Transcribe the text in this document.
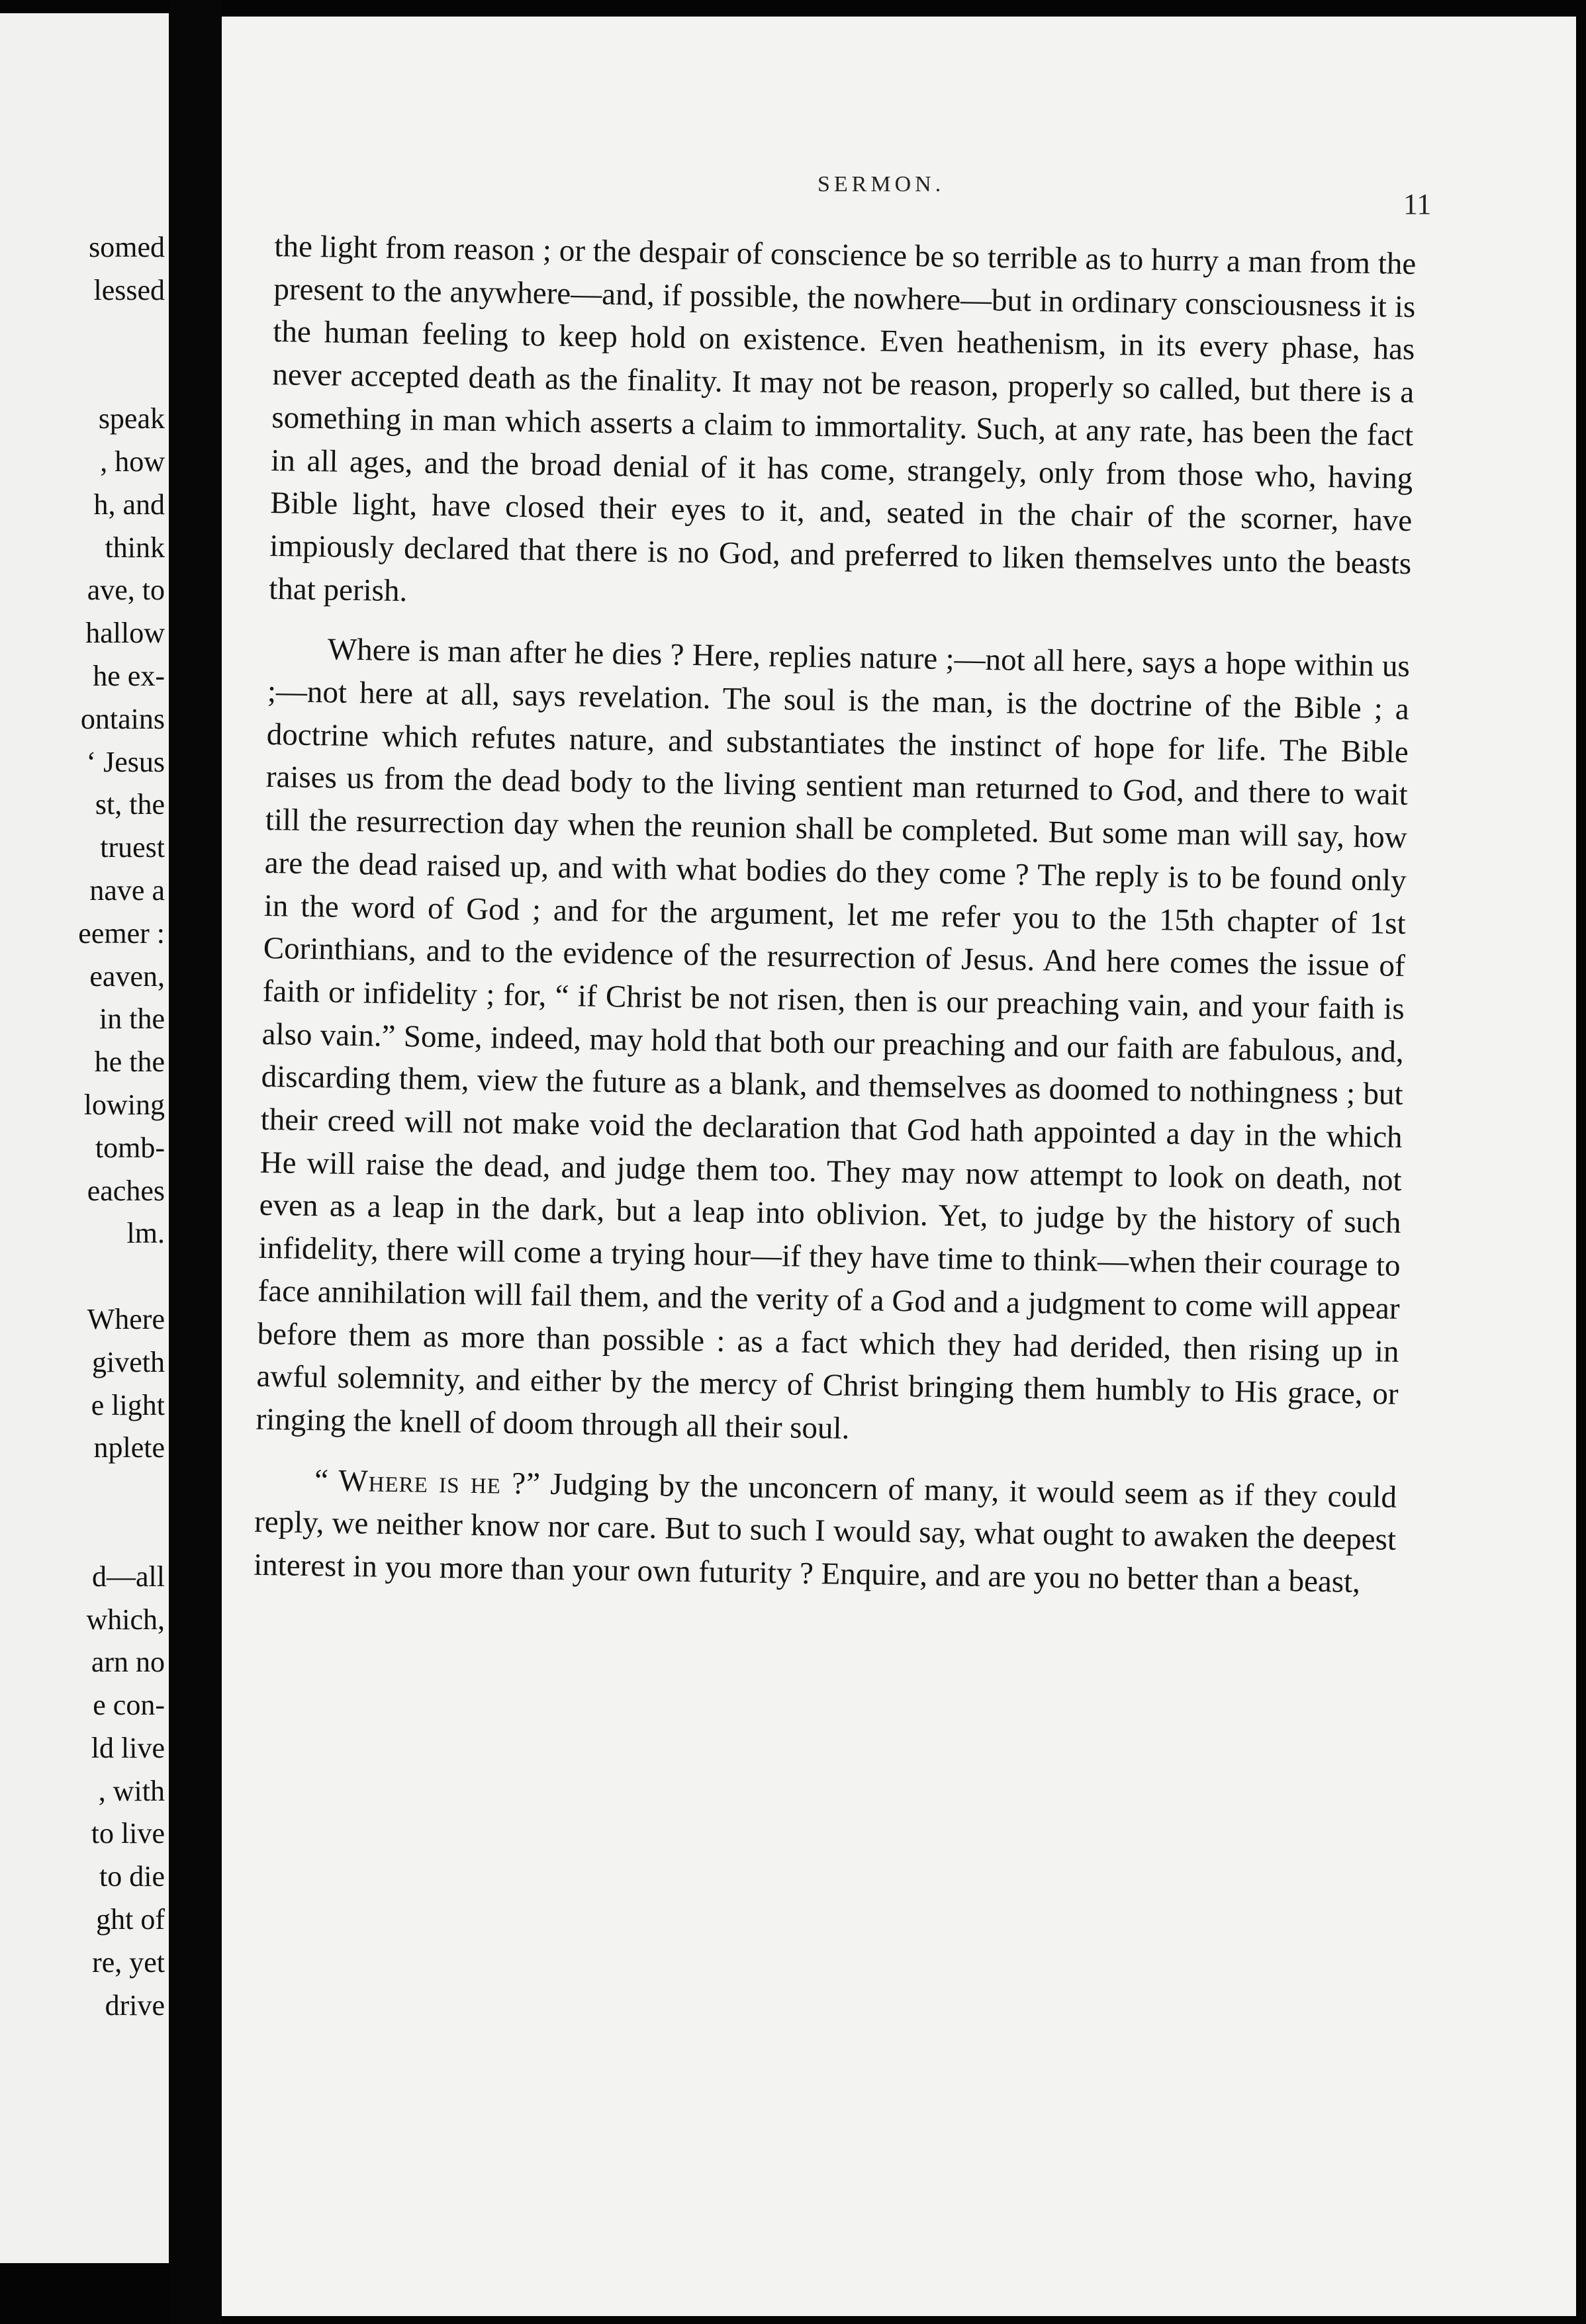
somed
lessed

speak
, how
h, and
think
ave, to
hallow
he ex-
ontains
‘ Jesus
st, the
truest
nave a
eemer :
eaven,
in the
he the
lowing
tomb-
eaches
lm.

Where
giveth
e light
nplete

d—all
which,
arn no
e con-
ld live
, with
to live
to die
ght of
re, yet
drive
SERMON.
11

the light from reason ; or the despair of conscience be so terrible as to hurry a man from the present to the anywhere—and, if possible, the nowhere—but in ordinary consciousness it is the human feeling to keep hold on existence. Even heathenism, in its every phase, has never accepted death as the finality. It may not be reason, properly so called, but there is a something in man which asserts a claim to immortality. Such, at any rate, has been the fact in all ages, and the broad denial of it has come, strangely, only from those who, having Bible light, have closed their eyes to it, and, seated in the chair of the scorner, have impiously declared that there is no God, and preferred to liken themselves unto the beasts that perish.

Where is man after he dies ? Here, replies nature ;—not all here, says a hope within us ;—not here at all, says revelation. The soul is the man, is the doctrine of the Bible ; a doctrine which refutes nature, and substantiates the instinct of hope for life. The Bible raises us from the dead body to the living sentient man returned to God, and there to wait till the resurrection day when the reunion shall be completed. But some man will say, how are the dead raised up, and with what bodies do they come ? The reply is to be found only in the word of God ; and for the argument, let me refer you to the 15th chapter of 1st Corinthians, and to the evidence of the resurrection of Jesus. And here comes the issue of faith or infidelity ; for, “ if Christ be not risen, then is our preaching vain, and your faith is also vain.” Some, indeed, may hold that both our preaching and our faith are fabulous, and, discarding them, view the future as a blank, and themselves as doomed to nothingness ; but their creed will not make void the declaration that God hath appointed a day in the which He will raise the dead, and judge them too. They may now attempt to look on death, not even as a leap in the dark, but a leap into oblivion. Yet, to judge by the history of such infidelity, there will come a trying hour—if they have time to think—when their courage to face annihilation will fail them, and the verity of a God and a judgment to come will appear before them as more than possible : as a fact which they had derided, then rising up in awful solemnity, and either by the mercy of Christ bringing them humbly to His grace, or ringing the knell of doom through all their soul.

“ Where is he ?” Judging by the unconcern of many, it would seem as if they could reply, we neither know nor care. But to such I would say, what ought to awaken the deepest interest in you more than your own futurity ? Enquire, and are you no better than a beast,
